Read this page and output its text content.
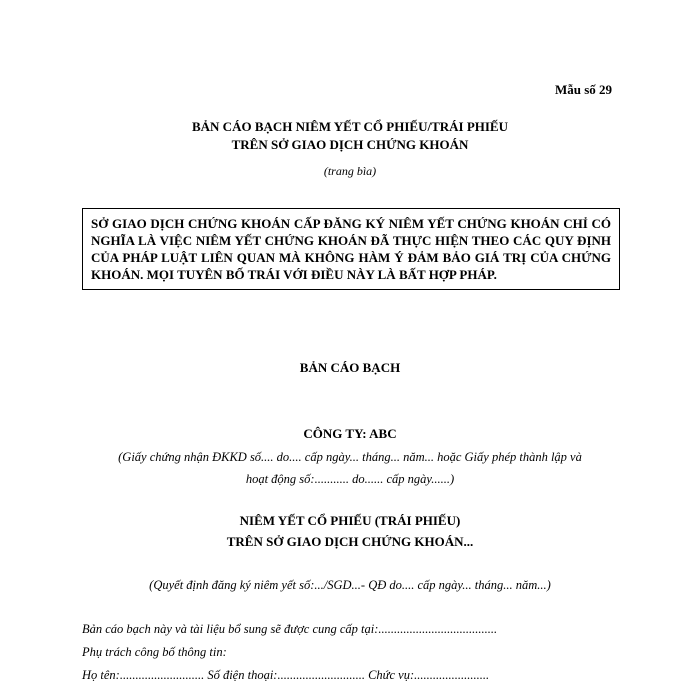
Mẫu số 29
BẢN CÁO BẠCH NIÊM YẾT CỔ PHIẾU/TRÁI PHIẾU
TRÊN SỞ GIAO DỊCH CHỨNG KHOÁN
(trang bìa)
SỞ GIAO DỊCH CHỨNG KHOÁN CẤP ĐĂNG KÝ NIÊM YẾT CHỨNG KHOÁN CHỈ CÓ NGHĨA LÀ VIỆC NIÊM YẾT CHỨNG KHOÁN ĐÃ THỰC HIỆN THEO CÁC QUY ĐỊNH CỦA PHÁP LUẬT LIÊN QUAN MÀ KHÔNG HÀM Ý ĐẢM BẢO GIÁ TRỊ CỦA CHỨNG KHOÁN. MỌI TUYÊN BỐ TRÁI VỚI ĐIỀU NÀY LÀ BẤT HỢP PHÁP.
BẢN CÁO BẠCH
CÔNG TY: ABC
(Giấy chứng nhận ĐKKD số.... do.... cấp ngày... tháng... năm... hoặc Giấy phép thành lập và
hoạt động số:........... do...... cấp ngày......)
NIÊM YẾT CỔ PHIẾU (TRÁI PHIẾU)
TRÊN SỞ GIAO DỊCH CHỨNG KHOÁN...
(Quyết định đăng ký niêm yết số:.../SGD...- QĐ do.... cấp ngày... tháng... năm...)
Bản cáo bạch này và tài liệu bổ sung sẽ được cung cấp tại:......................................
Phụ trách công bố thông tin:
Họ tên:........................... Số điện thoại:............................ Chức vụ:........................
